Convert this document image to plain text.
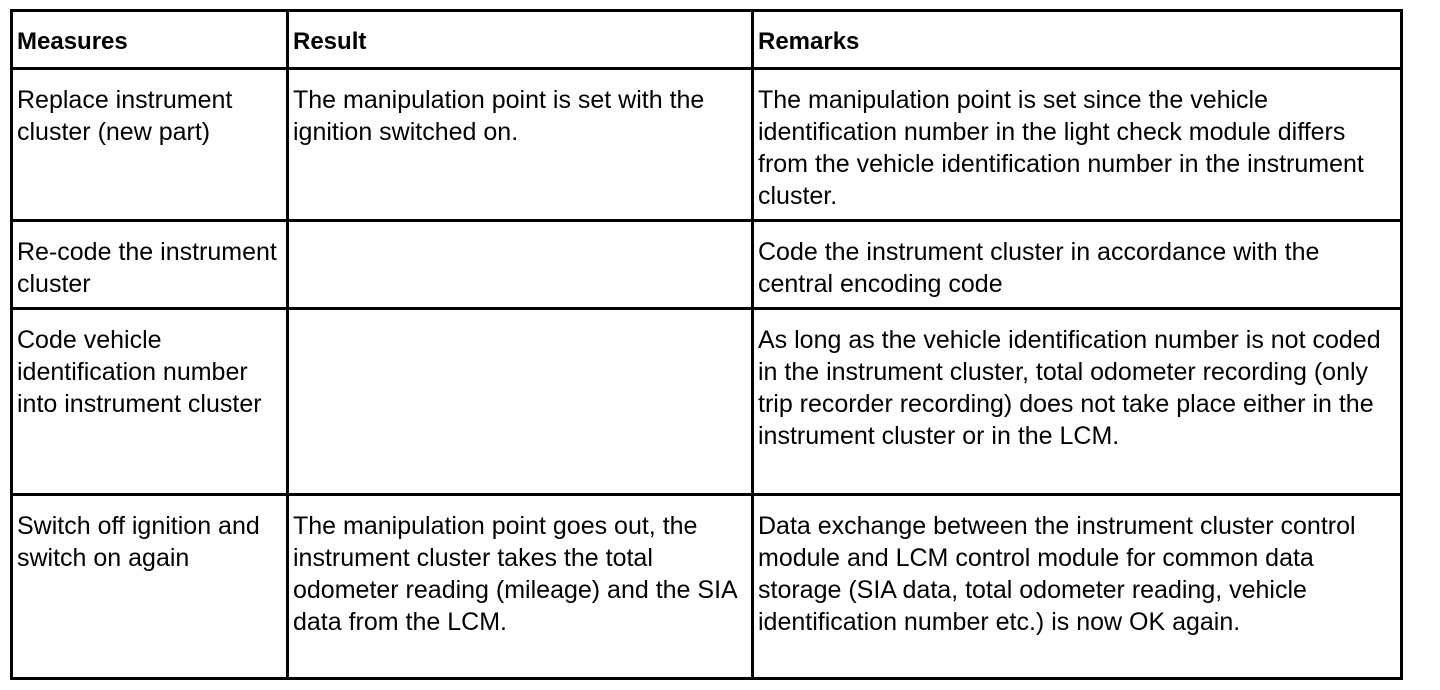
Measures	Result	Remarks
Replace instrument cluster (new part)	The manipulation point is set with the ignition switched on.	The manipulation point is set since the vehicle identification number in the light check module differs from the vehicle identification number in the instrument cluster.
Re-code the instrument cluster		Code the instrument cluster in accordance with the central encoding code
Code vehicle identification number into instrument cluster		As long as the vehicle identification number is not coded in the instrument cluster, total odometer recording (only trip recorder recording) does not take place either in the instrument cluster or in the LCM.
Switch off ignition and switch on again	The manipulation point goes out, the instrument cluster takes the total odometer reading (mileage) and the SIA data from the LCM.	Data exchange between the instrument cluster control module and LCM control module for common data storage (SIA data, total odometer reading, vehicle identification number etc.) is now OK again.
